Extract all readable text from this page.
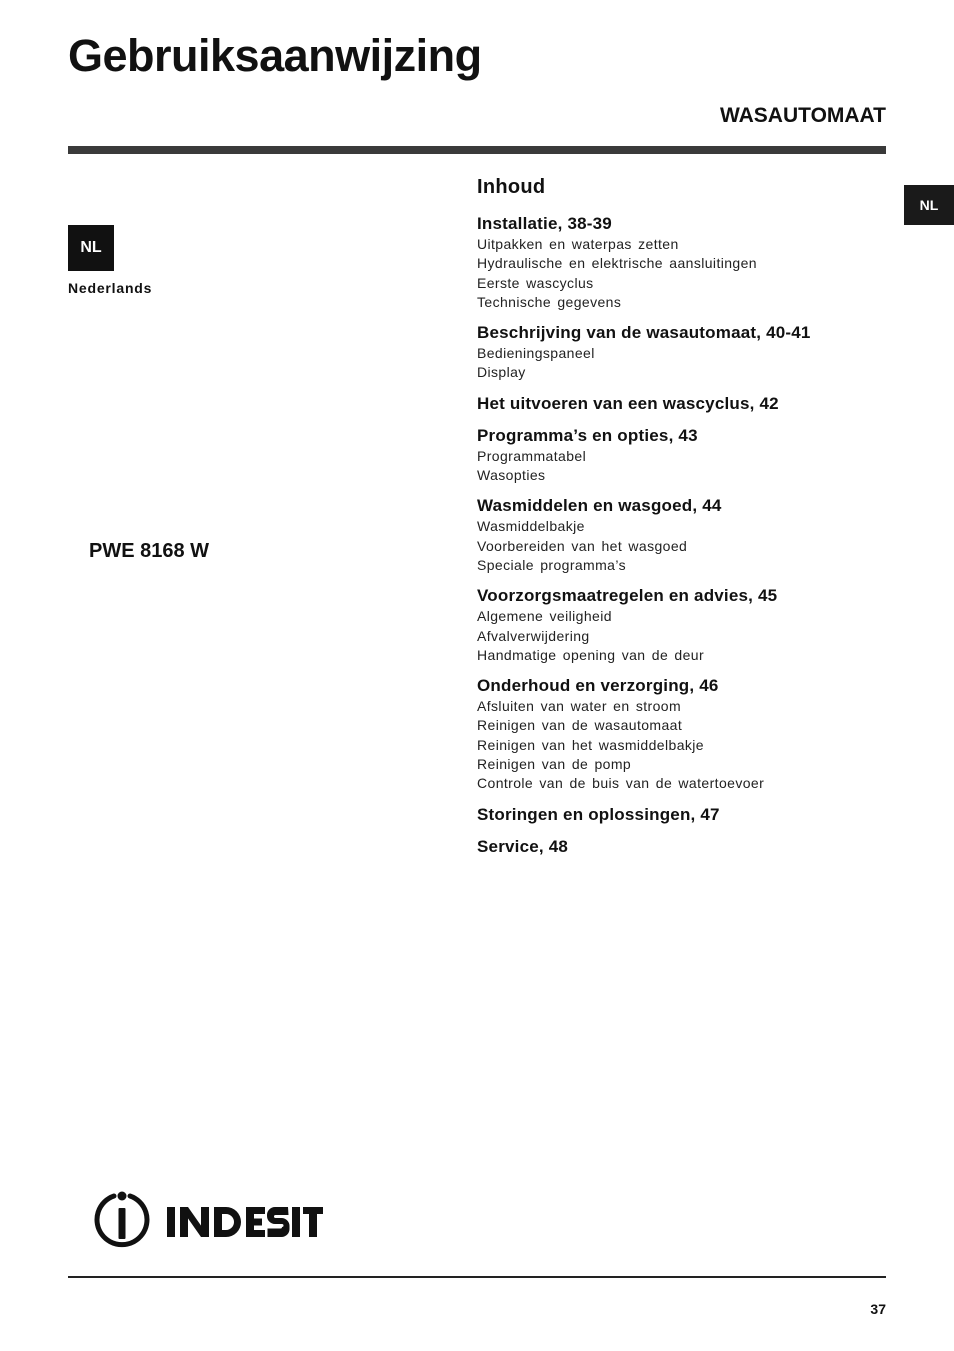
Gebruiksaanwijzing
WASAUTOMAAT
NL
Nederlands
NL
PWE 8168 W
Inhoud
Installatie, 38-39
Uitpakken en waterpas zetten
Hydraulische en elektrische aansluitingen
Eerste wascyclus
Technische gegevens
Beschrijving van de wasautomaat, 40-41
Bedieningspaneel
Display
Het uitvoeren van een wascyclus, 42
Programma’s en opties, 43
Programmatabel
Wasopties
Wasmiddelen en wasgoed, 44
Wasmiddelbakje
Voorbereiden van het wasgoed
Speciale programma’s
Voorzorgsmaatregelen en advies, 45
Algemene veiligheid
Afvalverwijdering
Handmatige opening van de deur
Onderhoud en verzorging, 46
Afsluiten van water en stroom
Reinigen van de wasautomaat
Reinigen van het wasmiddelbakje
Reinigen van de pomp
Controle van de buis van de watertoevoer
Storingen en oplossingen, 47
Service, 48
37
